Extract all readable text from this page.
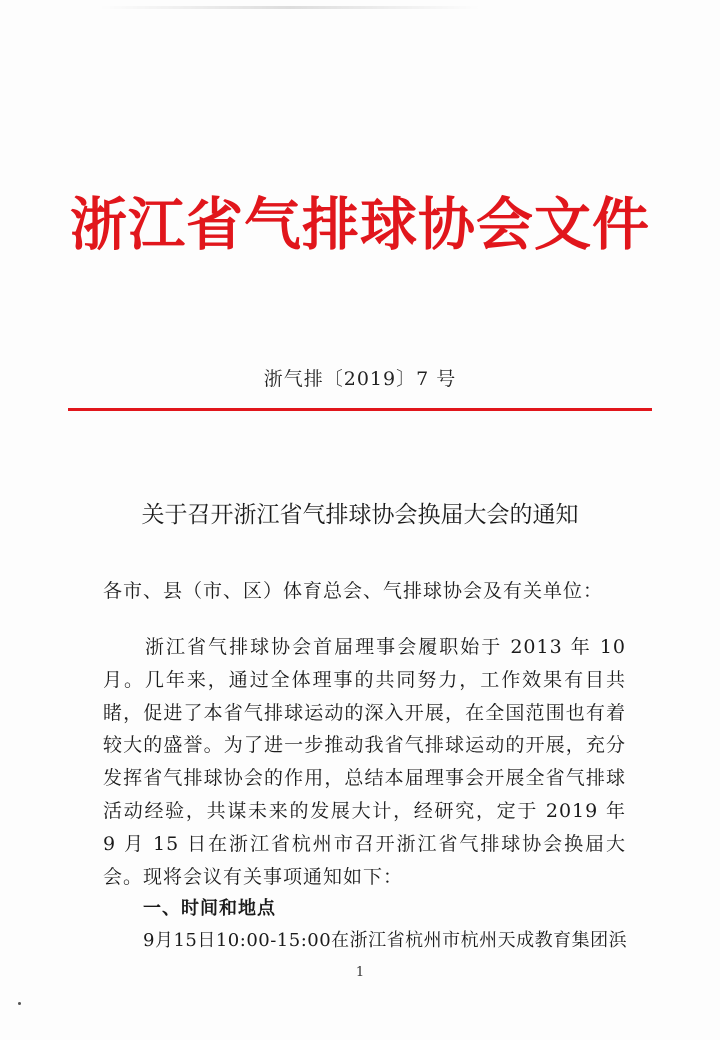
浙江省气排球协会文件
浙气排〔2019〕7 号
关于召开浙江省气排球协会换届大会的通知
各市、县（市、区）体育总会、气排球协会及有关单位：

浙江省气排球协会首届理事会履职始于 2013 年 10 月。几年来，通过全体理事的共同努力，工作效果有目共睹，促进了本省气排球运动的深入开展，在全国范围也有着较大的盛誉。为了进一步推动我省气排球运动的开展，充分发挥省气排球协会的作用，总结本届理事会开展全省气排球活动经验，共谋未来的发展大计，经研究，定于 2019 年 9 月 15 日在浙江省杭州市召开浙江省气排球协会换届大会。现将会议有关事项通知如下：

一、时间和地点
9月15日10:00-15:00在浙江省杭州市杭州天成教育集团浜
1
